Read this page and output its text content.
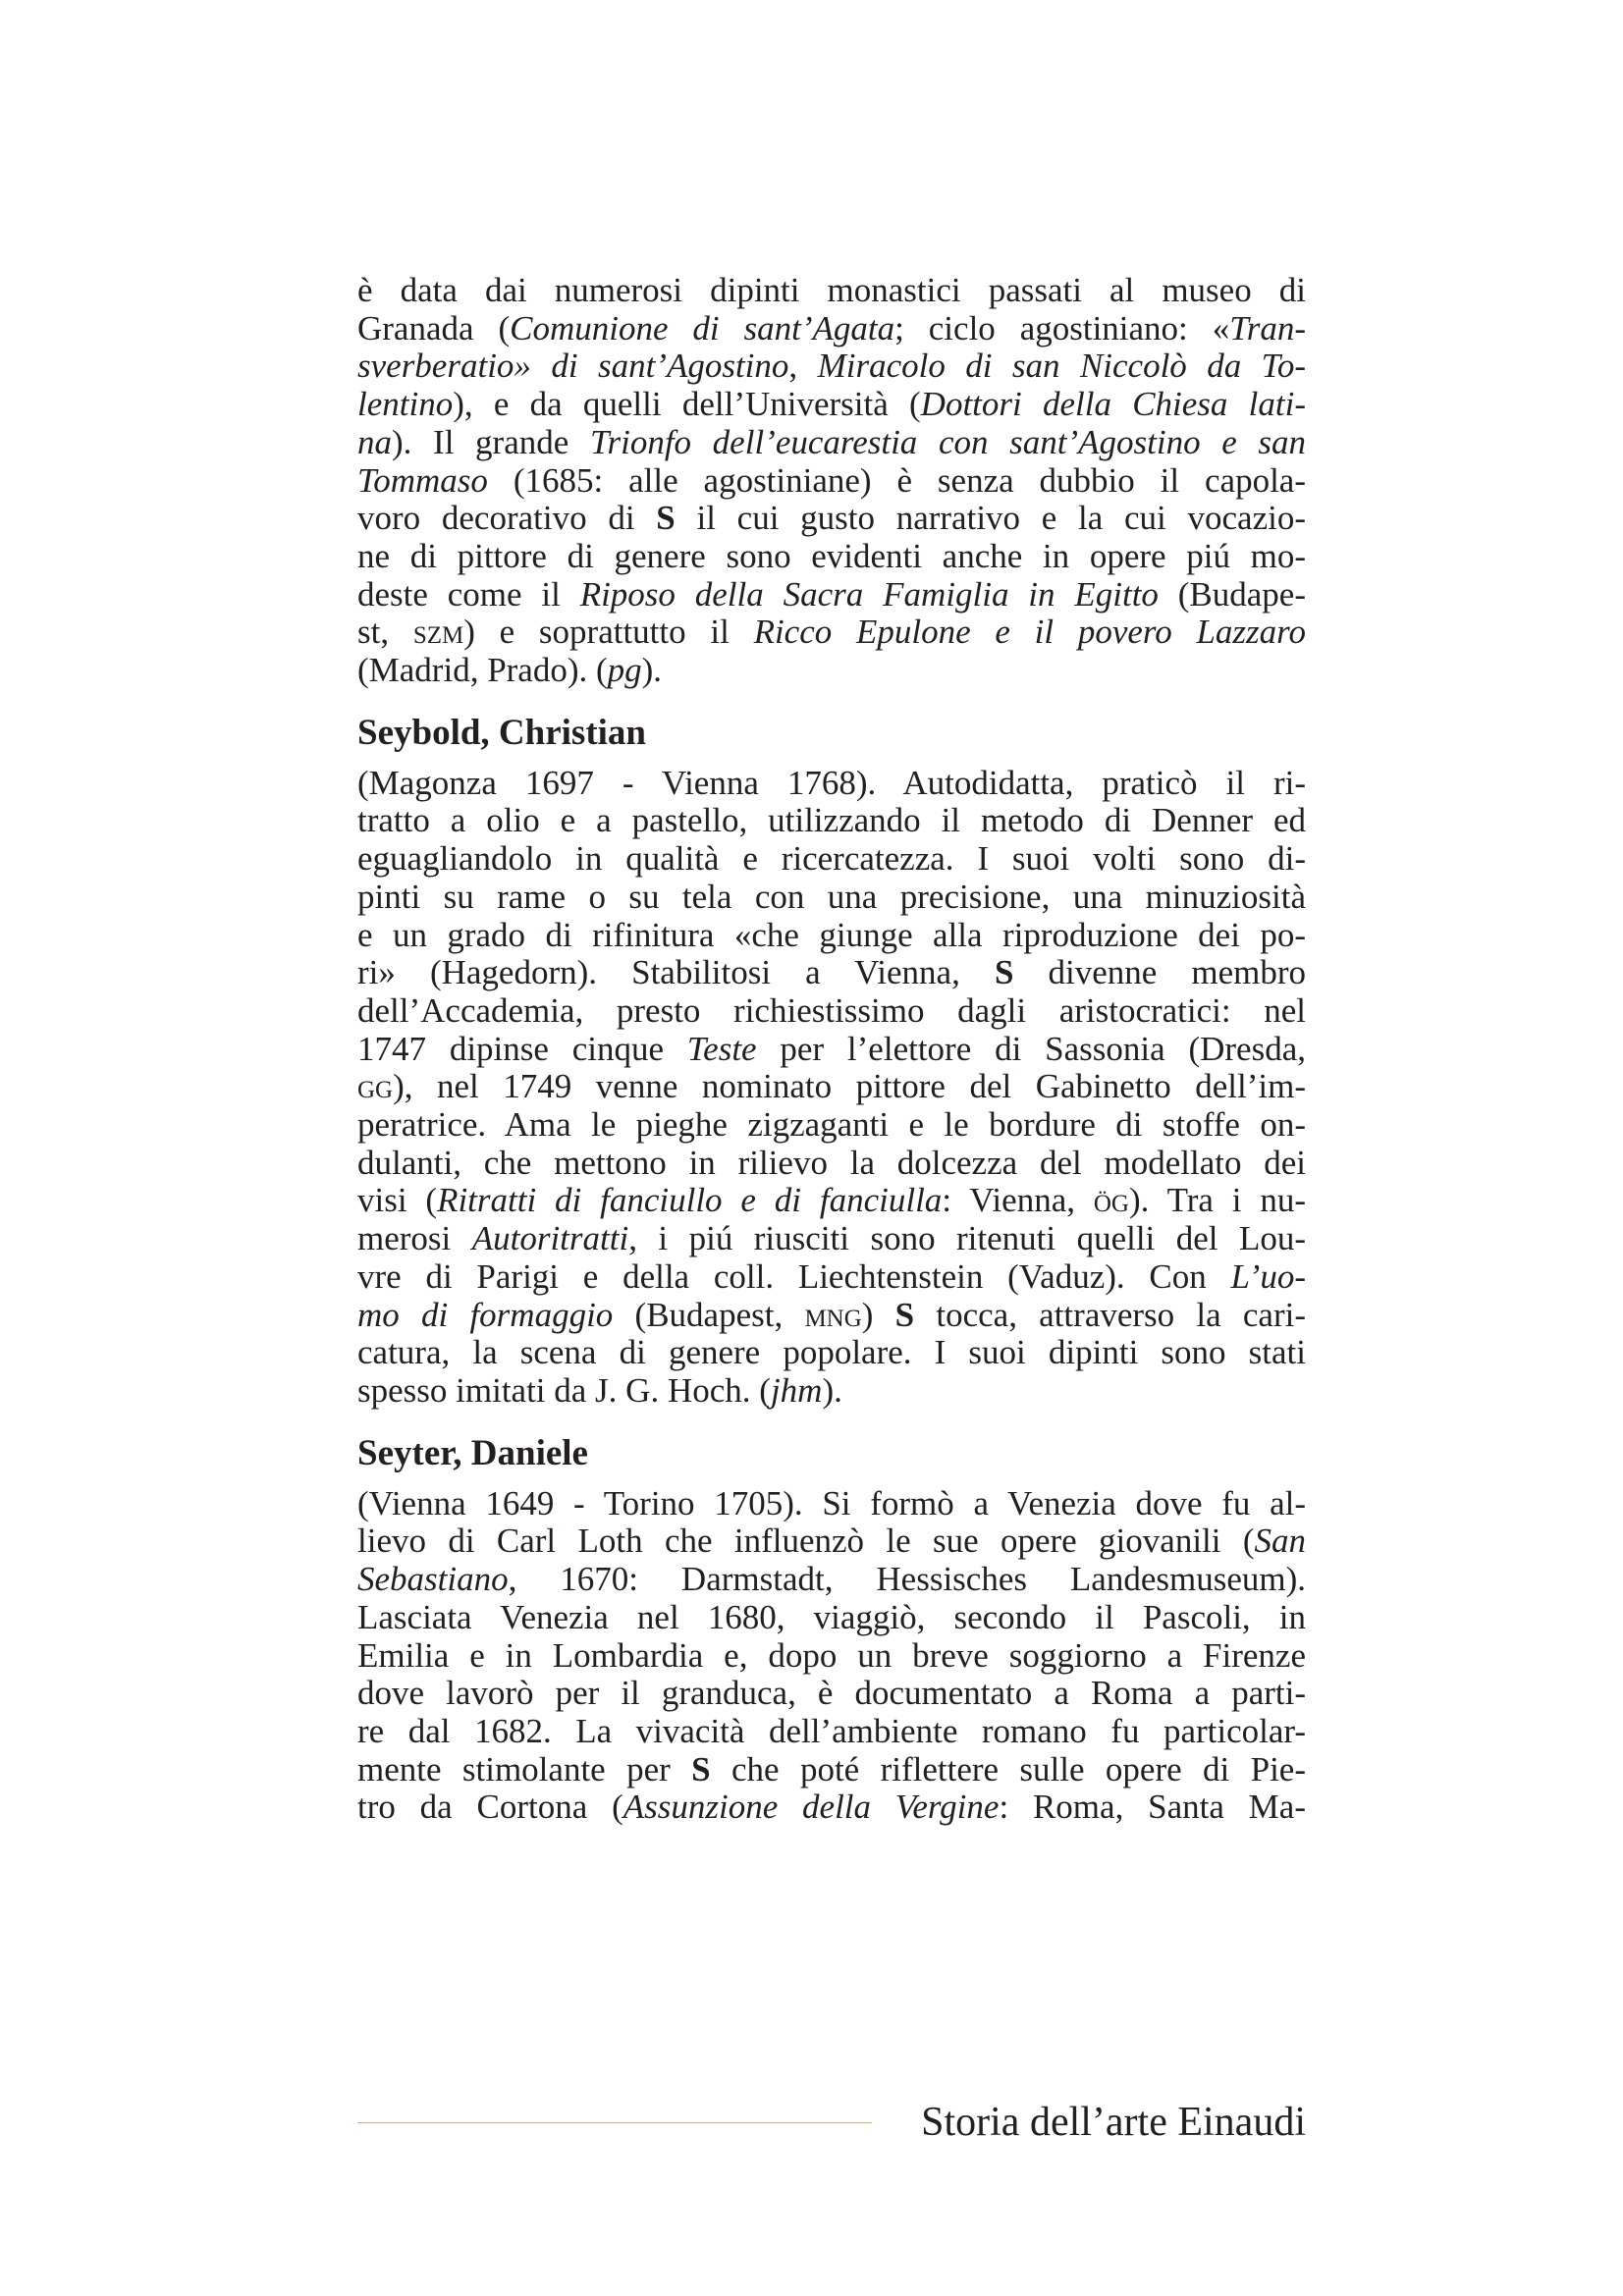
è data dai numerosi dipinti monastici passati al museo di
Granada (Comunione di sant’Agata; ciclo agostiniano: «Tran-
sverberatio» di sant’Agostino, Miracolo di san Niccolò da To-
lentino), e da quelli dell’Università (Dottori della Chiesa lati-
na). Il grande Trionfo dell’eucarestia con sant’Agostino e san
Tommaso (1685: alle agostiniane) è senza dubbio il capola-
voro decorativo di S il cui gusto narrativo e la cui vocazio-
ne di pittore di genere sono evidenti anche in opere piú mo-
deste come il Riposo della Sacra Famiglia in Egitto (Budape-
st, szm) e soprattutto il Ricco Epulone e il povero Lazzaro
(Madrid, Prado). (pg).

Seybold, Christian

(Magonza 1697 - Vienna 1768). Autodidatta, praticò il ri-
tratto a olio e a pastello, utilizzando il metodo di Denner ed
eguagliandolo in qualità e ricercatezza. I suoi volti sono di-
pinti su rame o su tela con una precisione, una minuziosità
e un grado di rifinitura «che giunge alla riproduzione dei po-
ri» (Hagedorn). Stabilitosi a Vienna, S divenne membro
dell’Accademia, presto richiestissimo dagli aristocratici: nel
1747 dipinse cinque Teste per l’elettore di Sassonia (Dresda,
gg), nel 1749 venne nominato pittore del Gabinetto dell’im-
peratrice. Ama le pieghe zigzaganti e le bordure di stoffe on-
dulanti, che mettono in rilievo la dolcezza del modellato dei
visi (Ritratti di fanciullo e di fanciulla: Vienna, ög). Tra i nu-
merosi Autoritratti, i piú riusciti sono ritenuti quelli del Lou-
vre di Parigi e della coll. Liechtenstein (Vaduz). Con L’uo-
mo di formaggio (Budapest, mng) S tocca, attraverso la cari-
catura, la scena di genere popolare. I suoi dipinti sono stati
spesso imitati da J. G. Hoch. (jhm).

Seyter, Daniele

(Vienna 1649 - Torino 1705). Si formò a Venezia dove fu al-
lievo di Carl Loth che influenzò le sue opere giovanili (San
Sebastiano, 1670: Darmstadt, Hessisches Landesmuseum).
Lasciata Venezia nel 1680, viaggiò, secondo il Pascoli, in
Emilia e in Lombardia e, dopo un breve soggiorno a Firenze
dove lavorò per il granduca, è documentato a Roma a parti-
re dal 1682. La vivacità dell’ambiente romano fu particolar-
mente stimolante per S che poté riflettere sulle opere di Pie-
tro da Cortona (Assunzione della Vergine: Roma, Santa Ma-

Storia dell’arte Einaudi
